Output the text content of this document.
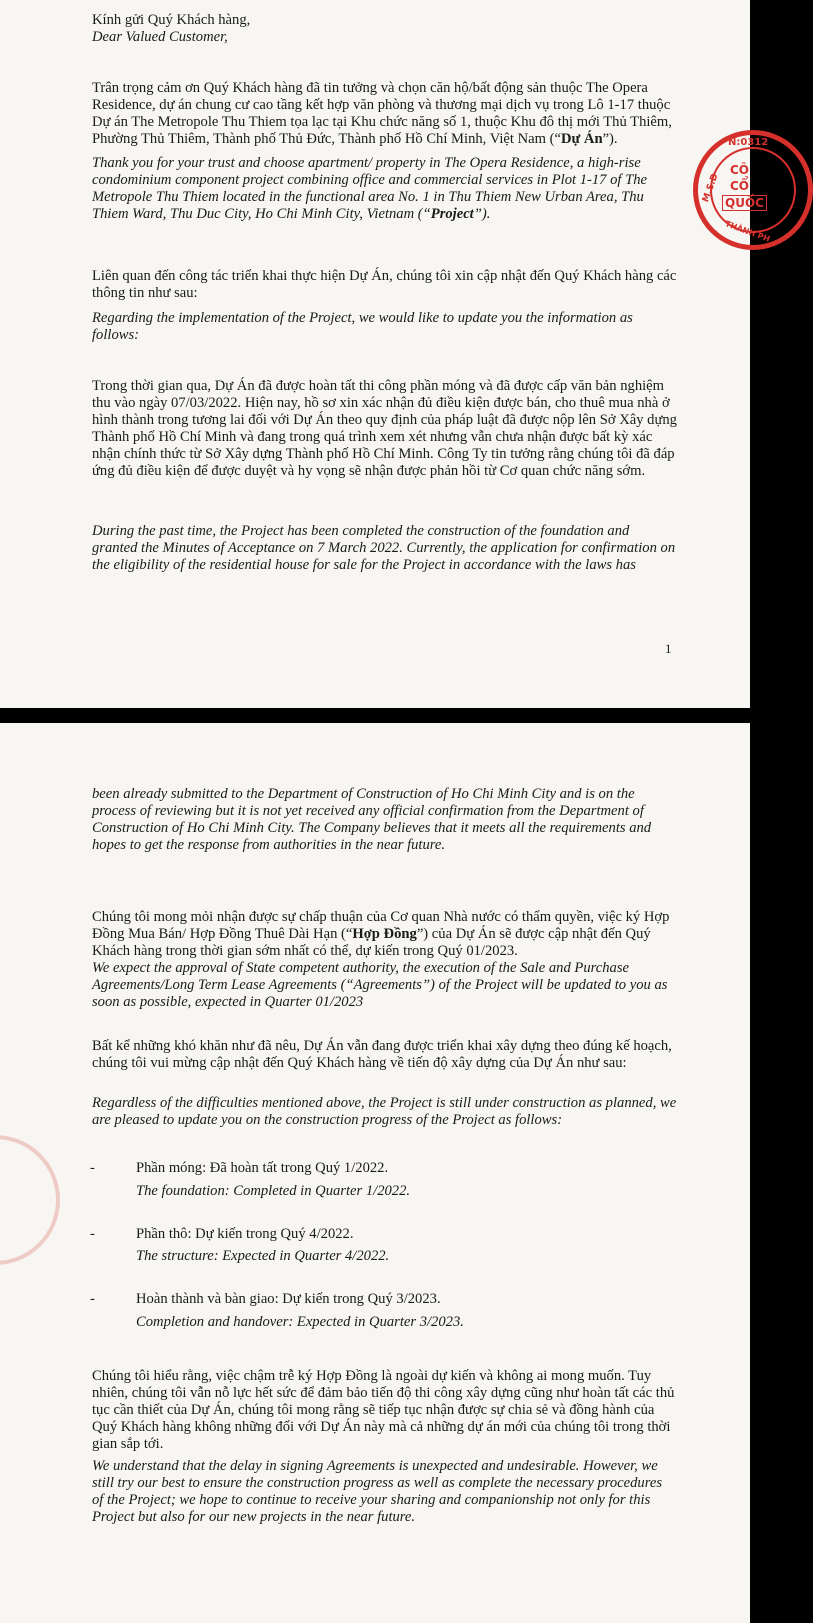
Kính gửi Quý Khách hàng,

Dear Valued Customer,

Trân trọng cảm ơn Quý Khách hàng đã tin tưởng và chọn căn hộ/bất động sản thuộc The Opera Residence, dự án chung cư cao tầng kết hợp văn phòng và thương mại dịch vụ trong Lô 1-17 thuộc Dự án The Metropole Thu Thiem tọa lạc tại Khu chức năng số 1, thuộc Khu đô thị mới Thủ Thiêm, Phường Thủ Thiêm, Thành phố Thủ Đức, Thành phố Hồ Chí Minh, Việt Nam (“Dự Án”).

Thank you for your trust and choose apartment/ property in The Opera Residence, a high-rise condominium component project combining office and commercial services in Plot 1-17 of The Metropole Thu Thiem located in the functional area No. 1 in Thu Thiem New Urban Area, Thu Thiem Ward, Thu Duc City, Ho Chi Minh City, Vietnam (“Project”).

Liên quan đến công tác triển khai thực hiện Dự Án, chúng tôi xin cập nhật đến Quý Khách hàng các thông tin như sau:

Regarding the implementation of the Project, we would like to update you the information as follows:

Trong thời gian qua, Dự Án đã được hoàn tất thi công phần móng và đã được cấp văn bản nghiệm thu vào ngày 07/03/2022. Hiện nay, hồ sơ xin xác nhận đủ điều kiện được bán, cho thuê mua nhà ở hình thành trong tương lai đối với Dự Án theo quy định của pháp luật đã được nộp lên Sở Xây dựng Thành phố Hồ Chí Minh và đang trong quá trình xem xét nhưng vẫn chưa nhận được bất kỳ xác nhận chính thức từ Sở Xây dựng Thành phố Hồ Chí Minh. Công Ty tin tưởng rằng chúng tôi đã đáp ứng đủ điều kiện để được duyệt và hy vọng sẽ nhận được phản hồi từ Cơ quan chức năng sớm.

During the past time, the Project has been completed the construction of the foundation and granted the Minutes of Acceptance on 7 March 2022. Currently, the application for confirmation on the eligibility of the residential house for sale for the Project in accordance with the laws has

1
N:0312
M.S.D
CÔ
CỔ
QUỐC
THÀNH PH

been already submitted to the Department of Construction of Ho Chi Minh City and is on the process of reviewing but it is not yet received any official confirmation from the Department of Construction of Ho Chi Minh City. The Company believes that it meets all the requirements and hopes to get the response from authorities in the near future.

Chúng tôi mong mỏi nhận được sự chấp thuận của Cơ quan Nhà nước có thẩm quyền, việc ký Hợp Đồng Mua Bán/ Hợp Đồng Thuê Dài Hạn (“Hợp Đồng”) của Dự Án sẽ được cập nhật đến Quý Khách hàng trong thời gian sớm nhất có thể, dự kiến trong Quý 01/2023.

We expect the approval of State competent authority, the execution of the Sale and Purchase Agreements/Long Term Lease Agreements (“Agreements”) of the Project will be updated to you as soon as possible, expected in Quarter 01/2023

Bất kể những khó khăn như đã nêu, Dự Án vẫn đang được triển khai xây dựng theo đúng kế hoạch, chúng tôi vui mừng cập nhật đến Quý Khách hàng về tiến độ xây dựng của Dự Án như sau:

Regardless of the difficulties mentioned above, the Project is still under construction as planned, we are pleased to update you on the construction progress of the Project as follows:

-	Phần móng: Đã hoàn tất trong Quý 1/2022.

The foundation: Completed in Quarter 1/2022.

-	Phần thô: Dự kiến trong Quý 4/2022.

The structure: Expected in Quarter 4/2022.

-	Hoàn thành và bàn giao: Dự kiến trong Quý 3/2023.

Completion and handover: Expected in Quarter 3/2023.

Chúng tôi hiểu rằng, việc chậm trễ ký Hợp Đồng là ngoài dự kiến và không ai mong muốn. Tuy nhiên, chúng tôi vẫn nỗ lực hết sức để đảm bảo tiến độ thi công xây dựng cũng như hoàn tất các thủ tục cần thiết của Dự Án, chúng tôi mong rằng sẽ tiếp tục nhận được sự chia sẻ và đồng hành của Quý Khách hàng không những đối với Dự Án này mà cả những dự án mới của chúng tôi trong thời gian sắp tới.

We understand that the delay in signing Agreements is unexpected and undesirable. However, we still try our best to ensure the construction progress as well as complete the necessary procedures of the Project; we hope to continue to receive your sharing and companionship not only for this Project but also for our new projects in the near future.
